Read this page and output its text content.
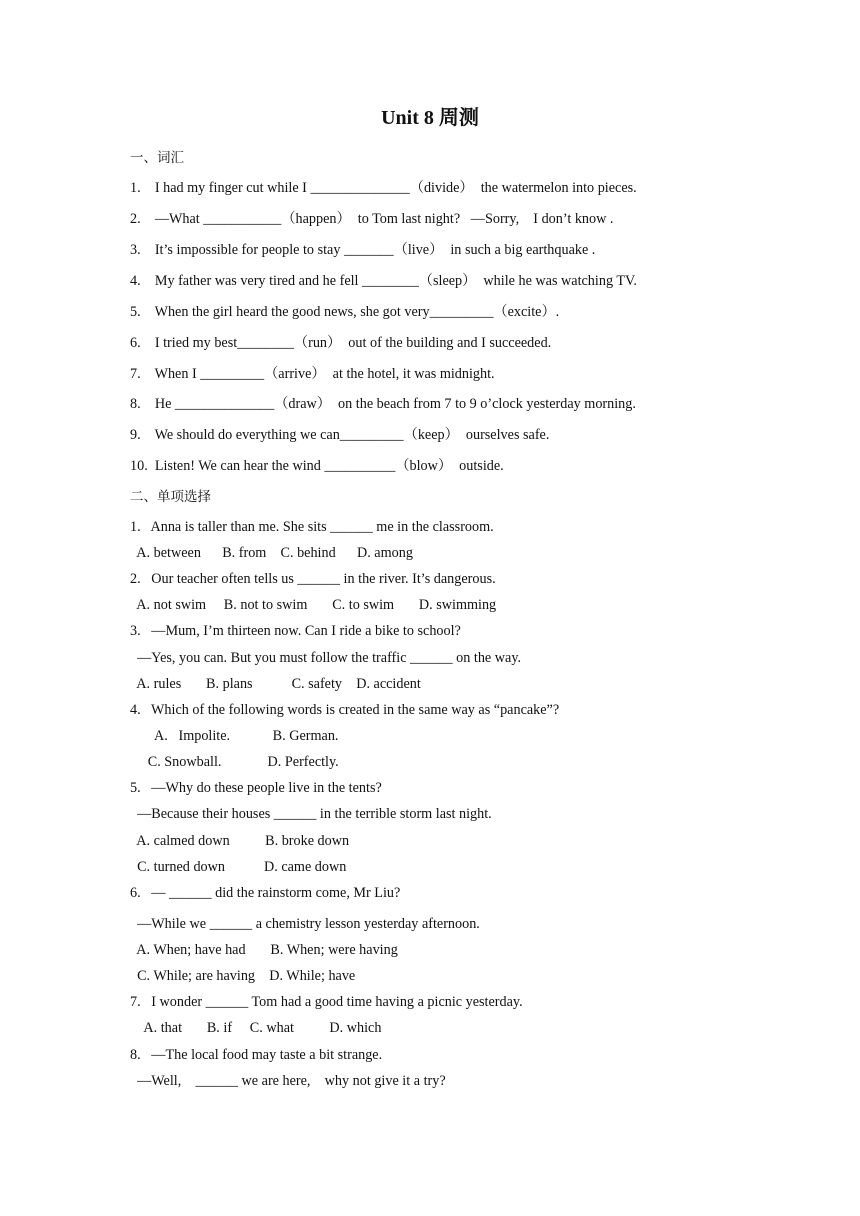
Unit 8 周测
一、词汇
1.    I had my finger cut while I ______________（divide）  the watermelon into pieces.
2.    —What ___________（happen）  to Tom last night?   —Sorry,    I don’t know .
3.    It’s impossible for people to stay _______（live）  in such a big earthquake .
4.    My father was very tired and he fell ________（sleep）  while he was watching TV.
5.    When the girl heard the good news, she got very_________（excite）.
6.    I tried my best________（run）  out of the building and I succeeded.
7.    When I _________（arrive）  at the hotel, it was midnight.
8.    He ______________（draw）  on the beach from 7 to 9 o’clock yesterday morning.
9.    We should do everything we can_________（keep）  ourselves safe.
10.  Listen! We can hear the wind __________（blow）  outside.
二、单项选择
1.   Anna is taller than me. She sits ______ me in the classroom.
A. between      B. from    C. behind      D. among
2.   Our teacher often tells us ______ in the river. It’s dangerous.
A. not swim     B. not to swim       C. to swim       D. swimming
3.   —Mum, I’m thirteen now. Can I ride a bike to school?
—Yes, you can. But you must follow the traffic ______ on the way.
A. rules       B. plans           C. safety    D. accident
4.   Which of the following words is created in the same way as “pancake”?
A.   Impolite.            B. German.
C. Snowball.             D. Perfectly.
5.   —Why do these people live in the tents?
—Because their houses ______ in the terrible storm last night.
A. calmed down          B. broke down
C. turned down           D. came down
6.   — ______ did the rainstorm come, Mr Liu?
—While we ______ a chemistry lesson yesterday afternoon.
A. When; have had       B. When; were having
C. While; are having    D. While; have
7.   I wonder ______ Tom had a good time having a picnic yesterday.
A. that       B. if     C. what          D. which
8.   —The local food may taste a bit strange.
—Well,    ______ we are here,    why not give it a try?
